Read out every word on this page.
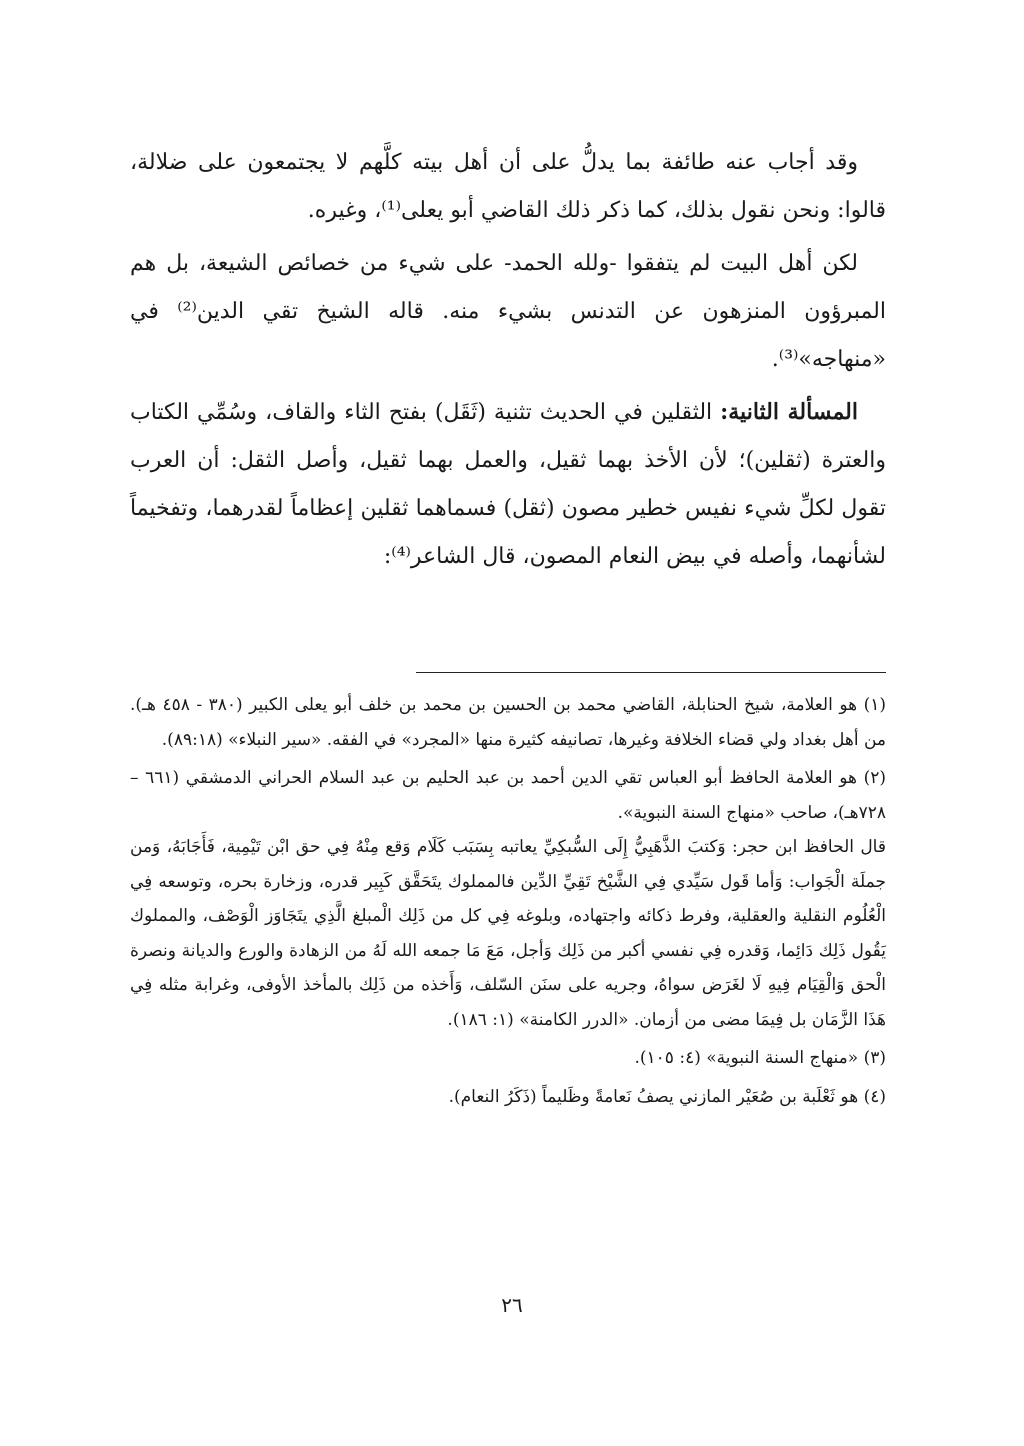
وقد أجاب عنه طائفة بما يدلُّ على أن أهل بيته كلَّهم لا يجتمعون على ضلالة، قالوا: ونحن نقول بذلك، كما ذكر ذلك القاضي أبو يعلى⁽¹⁾، وغيره.

لكن أهل البيت لم يتفقوا -ولله الحمد- على شيء من خصائص الشيعة، بل هم المبرؤون المنزهون عن التدنس بشيء منه. قاله الشيخ تقي الدين⁽²⁾ في «منهاجه»⁽³⁾.

المسألة الثانية: الثقلين في الحديث تثنية (ثَقَل) بفتح الثاء والقاف، وسُمِّي الكتاب والعترة (ثقلين)؛ لأن الأخذ بهما ثقيل، والعمل بهما ثقيل، وأصل الثقل: أن العرب تقول لكلِّ شيء نفيس خطير مصون (ثقل) فسماهما ثقلين إعظاماً لقدرهما، وتفخيماً لشأنهما، وأصله في بيض النعام المصون، قال الشاعر⁽⁴⁾:

(١) هو العلامة، شيخ الحنابلة، القاضي محمد بن الحسين بن محمد بن خلف أبو يعلى الكبير (٣٨٠ - ٤٥٨ هـ). من أهل بغداد ولي قضاء الخلافة وغيرها، تصانيفه كثيرة منها «المجرد» في الفقه. «سير النبلاء» (٨٩:١٨).

(٢) هو العلامة الحافظ أبو العباس تقي الدين أحمد بن عبد الحليم بن عبد السلام الحراني الدمشقي (٦٦١ – ٧٢٨هـ)، صاحب «منهاج السنة النبوية».

قال الحافظ ابن حجر: وَكتبَ الذَّهَبِيُّ إِلَى السُّبكِيِّ يعاتبه بِسَبَب كَلَام وَقع مِنْهُ فِي حق ابْن تَيْمِية، فَأَجَابَهُ، وَمن جملَة الْجَواب: وَأما قَول سَيِّدي فِي الشَّيْخ تَقِيِّ الدِّين فالمملوك يتَحَقَّق كَبِير قدره، وزخارة بحره، وتوسعه فِي الْعُلُوم النقلية والعقلية، وفرط ذكائه واجتهاده، وبلوغه فِي كل من ذَلِك الْمبلغ الَّذِي يتَجَاوَز الْوَصْف، والمملوك يَقُول ذَلِك دَائِما، وَقدره فِي نفسي أكبر من ذَلِك وَأجل، مَعَ مَا جمعه الله لَهُ من الزهادة والورع والديانة ونصرة الْحق وَالْقِيَام فِيهِ لَا لغَرَض سواهُ، وجريه على سنَن السّلف، وَأَخذه من ذَلِك بالمأخذ الأوفى، وغرابة مثله فِي هَذَا الزَّمَان بل فِيمَا مضى من أزمان. «الدرر الكامنة» (١: ١٨٦).

(٣) «منهاج السنة النبوية» (٤: ١٠٥).

(٤) هو ثَعْلَبة بن صُعَيْر المازني يصفُ نَعامةً وظَليماً (ذَكَرُ النعام).

٢٦
